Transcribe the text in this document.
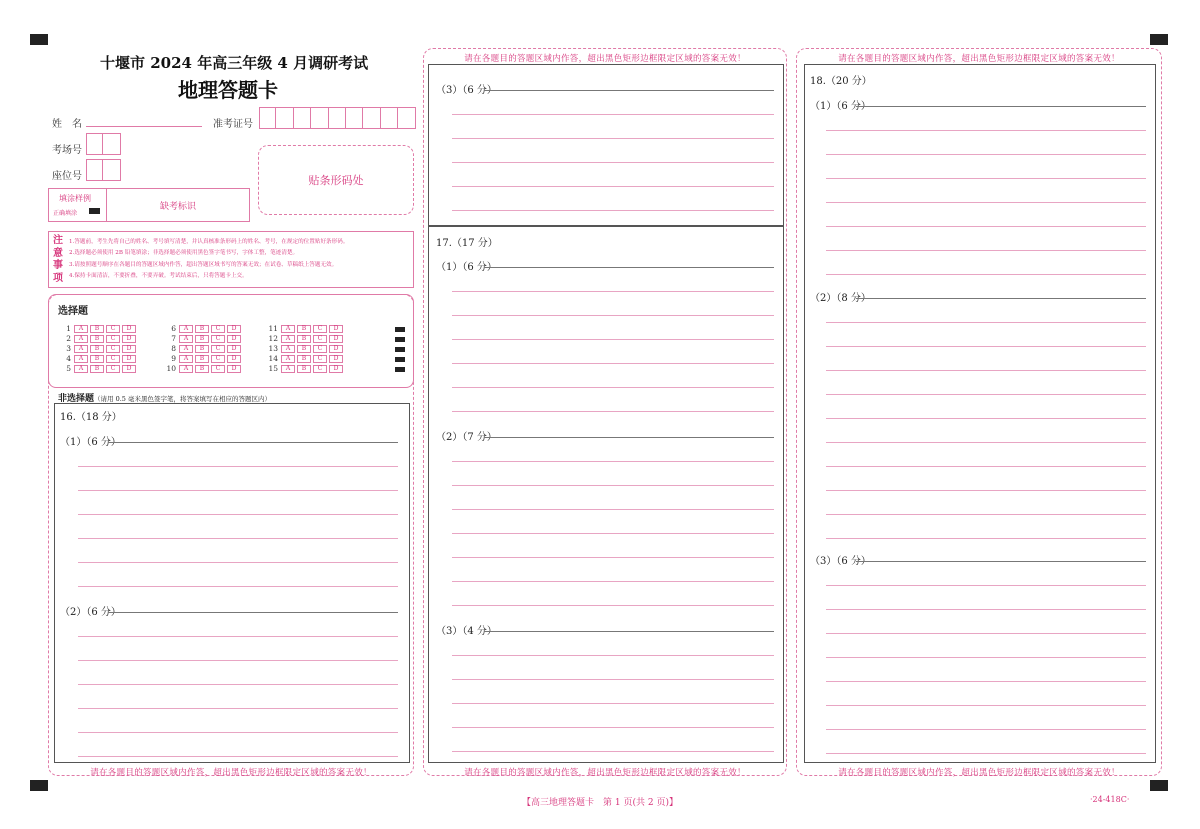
十堰市 2024 年高三年级 4 月调研考试
地理答题卡
姓　名	准考证号
考场号
座位号	贴条形码处
填涂样例
正确填涂
缺考标识
注
意
事
项
1.答题前，考生先将自己的姓名、考号填写清楚，并认真核准条形码上的姓名、考号，在规定的位置贴好条形码。
2.选择题必须使用 2B 铅笔填涂；非选择题必须使用黑色签字笔书写，字体工整，笔迹清楚。
3.请按照题号顺序在各题目的答题区域内作答，超出答题区域书写的答案无效；在试卷、草稿纸上答题无效。
4.保持卡面清洁，不要折叠，不要弄破。考试结束后，只将答题卡上交。
选择题
1	A	B	C	D
2	A	B	C	D
3	A	B	C	D
4	A	B	C	D
5	A	B	C	D
6	A	B	C	D
7	A	B	C	D
8	A	B	C	D
9	A	B	C	D
10	A	B	C	D
11	A	B	C	D
12	A	B	C	D
13	A	B	C	D
14	A	B	C	D
15	A	B	C	D
非选择题（请用 0.5 毫米黑色签字笔，将答案填写在相应的答题区内）
16.（18 分）
（1）（6 分）
（2）（6 分）
请在各题目的答题区域内作答，超出黑色矩形边框限定区域的答案无效！
请在各题目的答题区域内作答，超出黑色矩形边框限定区域的答案无效！
（3）（6 分）
17.（17 分）
（1）（6 分）
（2）（7 分）
（3）（4 分）
请在各题目的答题区域内作答，超出黑色矩形边框限定区域的答案无效！
请在各题目的答题区域内作答，超出黑色矩形边框限定区域的答案无效！
18.（20 分）
（1）（6 分）
（2）（8 分）
（3）（6 分）
请在各题目的答题区域内作答，超出黑色矩形边框限定区域的答案无效！
【高三地理答题卡　第 1 页(共 2 页)】	·24-418C·
